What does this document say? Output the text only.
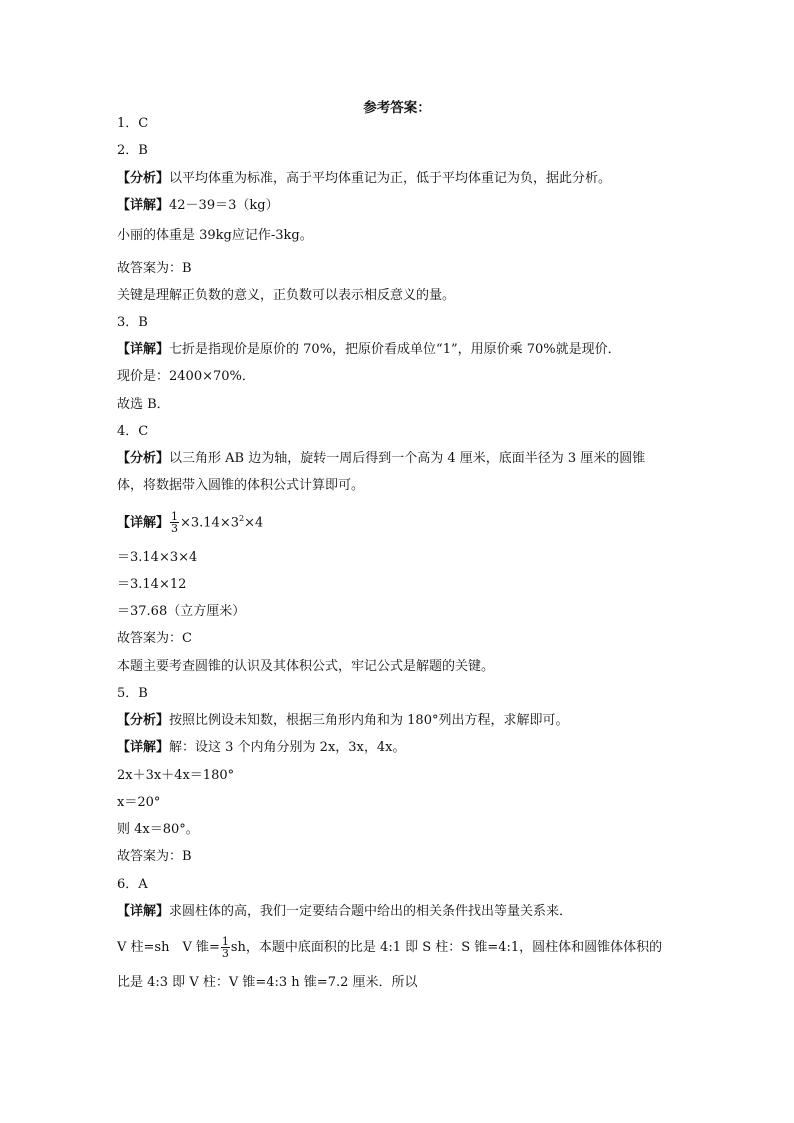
参考答案：
1．C
2．B
【分析】以平均体重为标准，高于平均体重记为正，低于平均体重记为负，据此分析。
【详解】42－39＝3（kg）
小丽的体重是 39kg应记作-3kg。
故答案为：B
关键是理解正负数的意义，正负数可以表示相反意义的量。
3．B
【详解】七折是指现价是原价的 70%，把原价看成单位“1”，用原价乘 70%就是现价．
现价是：2400×70%．
故选 B．
4．C
【分析】以三角形 AB 边为轴，旋转一周后得到一个高为 4 厘米，底面半径为 3 厘米的圆锥
体，将数据带入圆锥的体积公式计算即可。
【详解】 $\frac{1}{3} \times 3.14\times 3^2\times 4$
＝3.14×3×4
＝3.14×12
＝37.68（立方厘米）
故答案为：C
本题主要考查圆锥的认识及其体积公式，牢记公式是解题的关键。
5．B
【分析】按照比例设未知数，根据三角形内角和为 180°列出方程，求解即可。
【详解】解：设这 3 个内角分别为 2x，3x，4x。
2x＋3x＋4x＝180°
x＝20°
则 4x＝80°。
故答案为：B
6．A
【详解】求圆柱体的高，我们一定要结合题中给出的相关条件找出等量关系来．
V 柱=sh　V 锥= $\frac{1}{3}$ sh，本题中底面积的比是 4:1 即 S 柱：S 锥=4:1，圆柱体和圆锥体体积的
比是 4:3 即 V 柱：V 锥=4:3 h 锥=7.2 厘米．所以
